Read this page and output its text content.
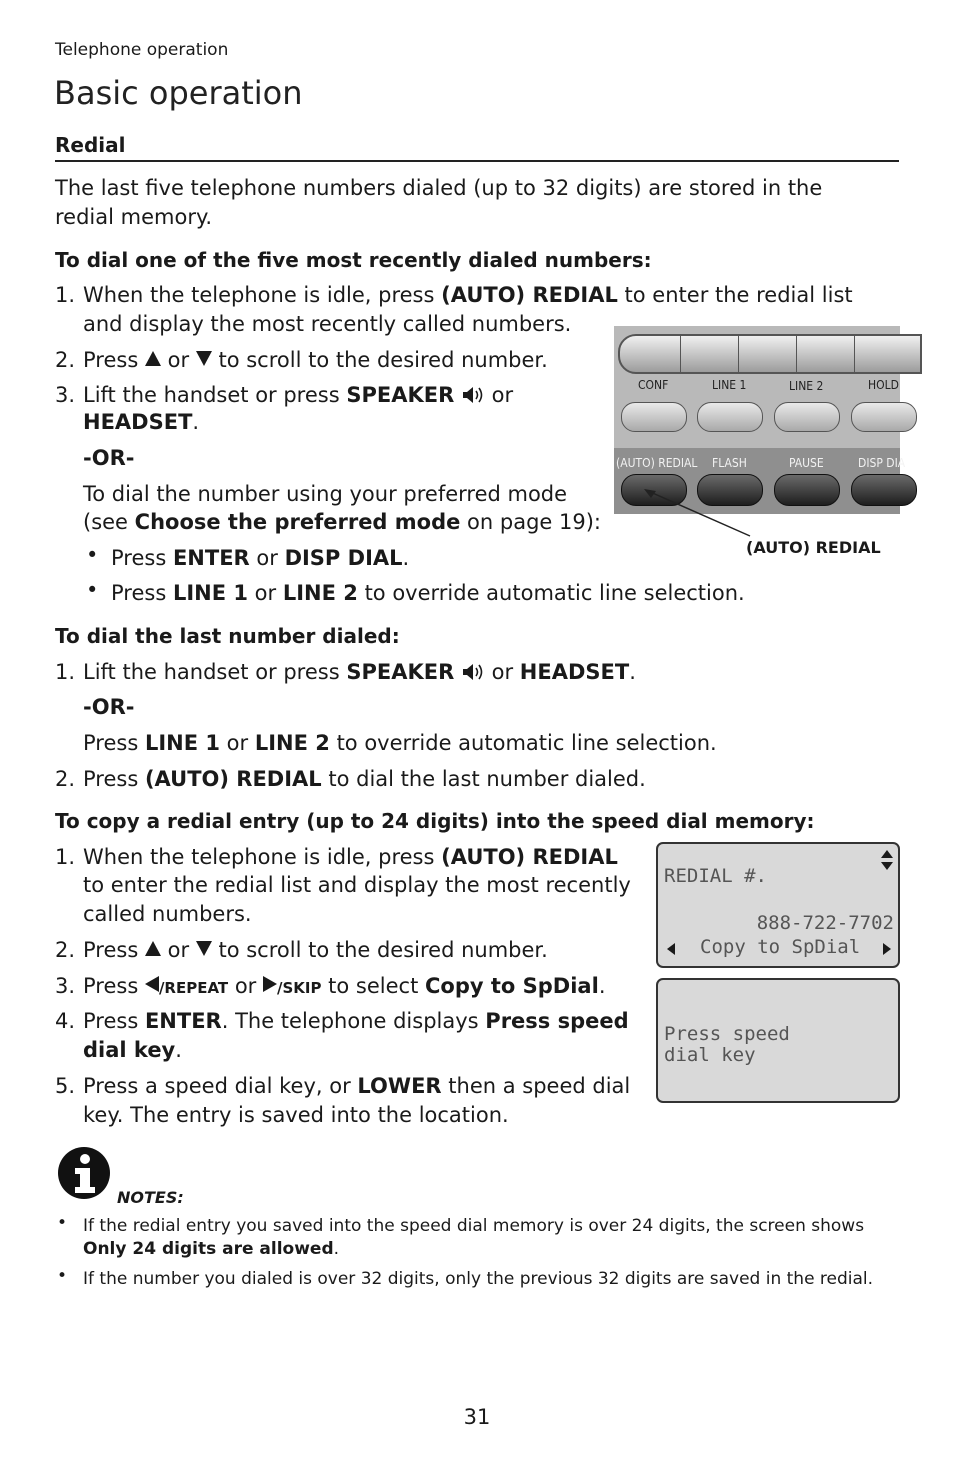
Telephone operation
Basic operation
Redial
The last five telephone numbers dialed (up to 32 digits) are stored in the
redial memory.
To dial one of the five most recently dialed numbers:
1. When the telephone is idle, press (AUTO) REDIAL to enter the redial list
and display the most recently called numbers.
2. Press  or  to scroll to the desired number.
3. Lift the handset or press SPEAKER  or
HEADSET.
-OR-
To dial the number using your preferred mode
(see Choose the preferred mode on page 19):
• Press ENTER or DISP DIAL.
• Press LINE 1 or LINE 2 to override automatic line selection.
CONF	LINE 1	LINE 2	HOLD
(AUTO) REDIAL FLASH	PAUSE	DISP DIA
(AUTO) REDIAL
To dial the last number dialed:
1. Lift the handset or press SPEAKER  or HEADSET.
-OR-
Press LINE 1 or LINE 2 to override automatic line selection.
2. Press (AUTO) REDIAL to dial the last number dialed.
To copy a redial entry (up to 24 digits) into the speed dial memory:
1. When the telephone is idle, press (AUTO) REDIAL
to enter the redial list and display the most recently
called numbers.
2. Press  or  to scroll to the desired number.
3. Press /REPEAT or /SKIP to select Copy to SpDial.
4. Press ENTER. The telephone displays Press speed
dial key.
5. Press a speed dial key, or LOWER then a speed dial
key. The entry is saved into the location.
REDIAL #.
888-722-7702
Copy to SpDial
Press speed
dial key
NOTES:
• If the redial entry you saved into the speed dial memory is over 24 digits, the screen shows
Only 24 digits are allowed.
• If the number you dialed is over 32 digits, only the previous 32 digits are saved in the redial.
31
